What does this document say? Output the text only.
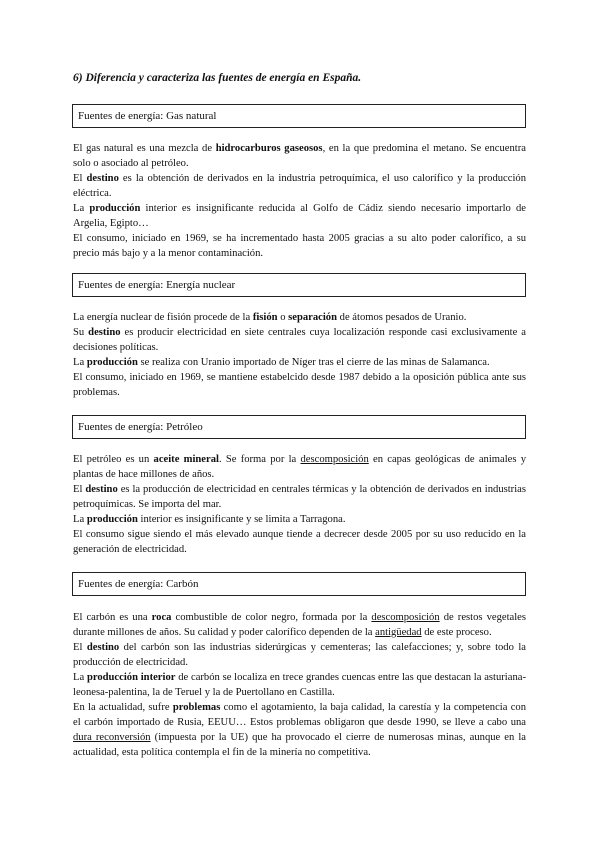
6) Diferencia y caracteriza las fuentes de energía en España.
Fuentes de energía: Gas natural

El gas natural es una mezcla de hidrocarburos gaseosos, en la que predomina el metano. Se encuentra solo o asociado al petróleo.

El destino es la obtención de derivados en la industria petroquímica, el uso calorífico y la producción eléctrica.

La producción interior es insignificante reducida al Golfo de Cádiz siendo necesario importarlo de Argelia, Egipto…

El consumo, iniciado en 1969, se ha incrementado hasta 2005 gracias a su alto poder calorífico, a su precio más bajo y a la menor contaminación.

Fuentes de energía: Energía nuclear

La energía nuclear de fisión procede de la fisión o separación de átomos pesados de Uranio.

Su destino es producir electricidad en siete centrales cuya localización responde casi exclusivamente a decisiones políticas.

La producción se realiza con Uranio importado de Níger tras el cierre de las minas de Salamanca.

El consumo, iniciado en 1969, se mantiene estabelcido desde 1987 debido a la oposición pública ante sus problemas.

Fuentes de energía: Petróleo

El petróleo es un aceite mineral. Se forma por la descomposición en capas geológicas de animales y plantas de hace millones de años.

El destino es la producción de electricidad en centrales térmicas y la obtención de derivados en industrias petroquímicas. Se importa del mar.

La producción interior es insignificante y se limita a Tarragona.

El consumo sigue siendo el más elevado aunque tiende a decrecer desde 2005 por su uso reducido en la generación de electricidad.

Fuentes de energía: Carbón

El carbón es una roca combustible de color negro, formada por la descomposición de restos vegetales durante millones de años. Su calidad y poder calorífico dependen de la antigüedad de este proceso.

El destino del carbón son las industrias siderúrgicas y cementeras; las calefacciones; y, sobre todo la producción de electricidad.

La producción interior de carbón se localiza en trece grandes cuencas entre las que destacan la asturiana-leonesa-palentina, la de Teruel y la de Puertollano en Castilla.

En la actualidad, sufre problemas como el agotamiento, la baja calidad, la carestía y la competencia con el carbón importado de Rusia, EEUU… Estos problemas obligaron que desde 1990, se lleve a cabo una dura reconversión (impuesta por la UE) que ha provocado el cierre de numerosas minas, aunque en la actualidad, esta política contempla el fin de la minería no competitiva.
